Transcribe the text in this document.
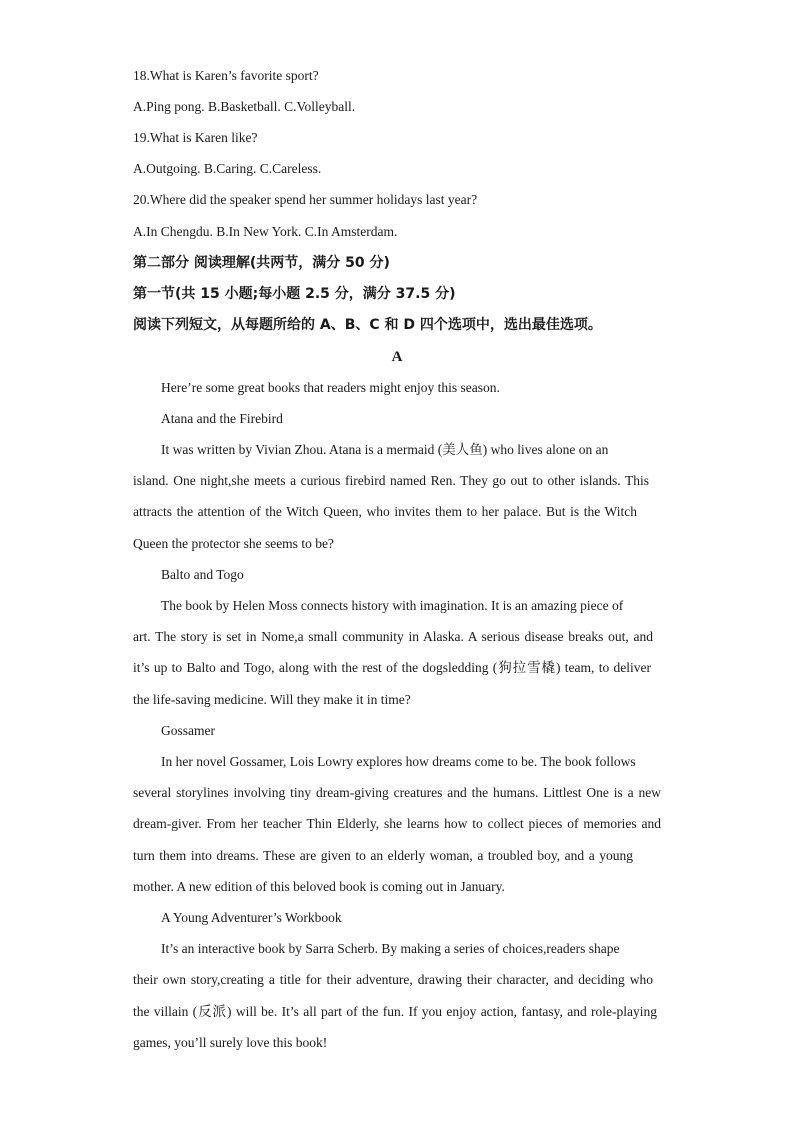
18.What is Karen’s favorite sport?
A.Ping pong. B.Basketball. C.Volleyball.
19.What is Karen like?
A.Outgoing. B.Caring. C.Careless.
20.Where did the speaker spend her summer holidays last year?
A.In Chengdu. B.In New York. C.In Amsterdam.
第二部分 阅读理解(共两节，满分 50 分)
第一节(共 15 小题;每小题 2.5 分，满分 37.5 分)
阅读下列短文，从每题所给的 A、B、C 和 D 四个选项中，选出最佳选项。
A
Here’re some great books that readers might enjoy this season.
Atana and the Firebird
It was written by Vivian Zhou. Atana is a mermaid (美人鱼) who lives alone on an
island. One night,she meets a curious firebird named Ren. They go out to other islands. This
attracts the attention of the Witch Queen, who invites them to her palace. But is the Witch
Queen the protector she seems to be?
Balto and Togo
The book by Helen Moss connects history with imagination. It is an amazing piece of
art. The story is set in Nome,a small community in Alaska. A serious disease breaks out, and
it’s up to Balto and Togo, along with the rest of the dogsledding (狗拉雪橇) team, to deliver
the life-saving medicine. Will they make it in time?
Gossamer
In her novel Gossamer, Lois Lowry explores how dreams come to be. The book follows
several storylines involving tiny dream-giving creatures and the humans. Littlest One is a new
dream-giver. From her teacher Thin Elderly, she learns how to collect pieces of memories and
turn them into dreams. These are given to an elderly woman, a troubled boy, and a young
mother. A new edition of this beloved book is coming out in January.
A Young Adventurer’s Workbook
It’s an interactive book by Sarra Scherb. By making a series of choices,readers shape
their own story,creating a title for their adventure, drawing their character, and deciding who
the villain (反派) will be. It’s all part of the fun. If you enjoy action, fantasy, and role-playing
games, you’ll surely love this book!
